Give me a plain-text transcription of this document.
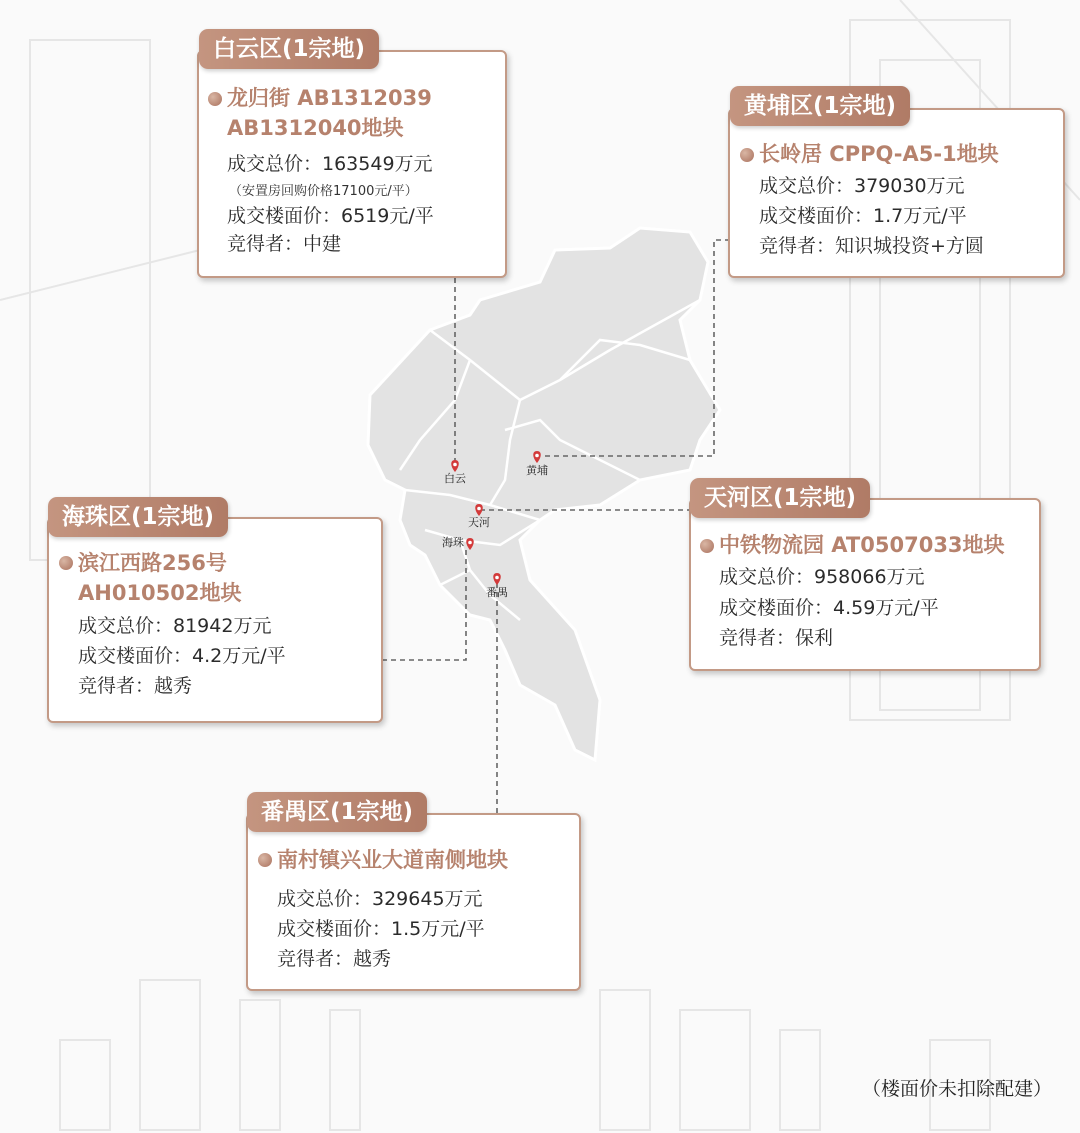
白云
黄埔
天河
海珠
番禺
龙归街 AB1312039
AB1312040地块
成交总价：163549万元
（安置房回购价格17100元/平）
成交楼面价：6519元/平
竞得者：中建
白云区(1宗地)
长岭居 CPPQ-A5-1地块
成交总价：379030万元
成交楼面价：1.7万元/平
竞得者：知识城投资+方圆
黄埔区(1宗地)
滨江西路256号
AH010502地块
成交总价：81942万元
成交楼面价：4.2万元/平
竞得者：越秀
海珠区(1宗地)
中铁物流园 AT0507033地块
成交总价：958066万元
成交楼面价：4.59万元/平
竞得者：保利
天河区(1宗地)
南村镇兴业大道南侧地块
成交总价：329645万元
成交楼面价：1.5万元/平
竞得者：越秀
番禺区(1宗地)
（楼面价未扣除配建）
